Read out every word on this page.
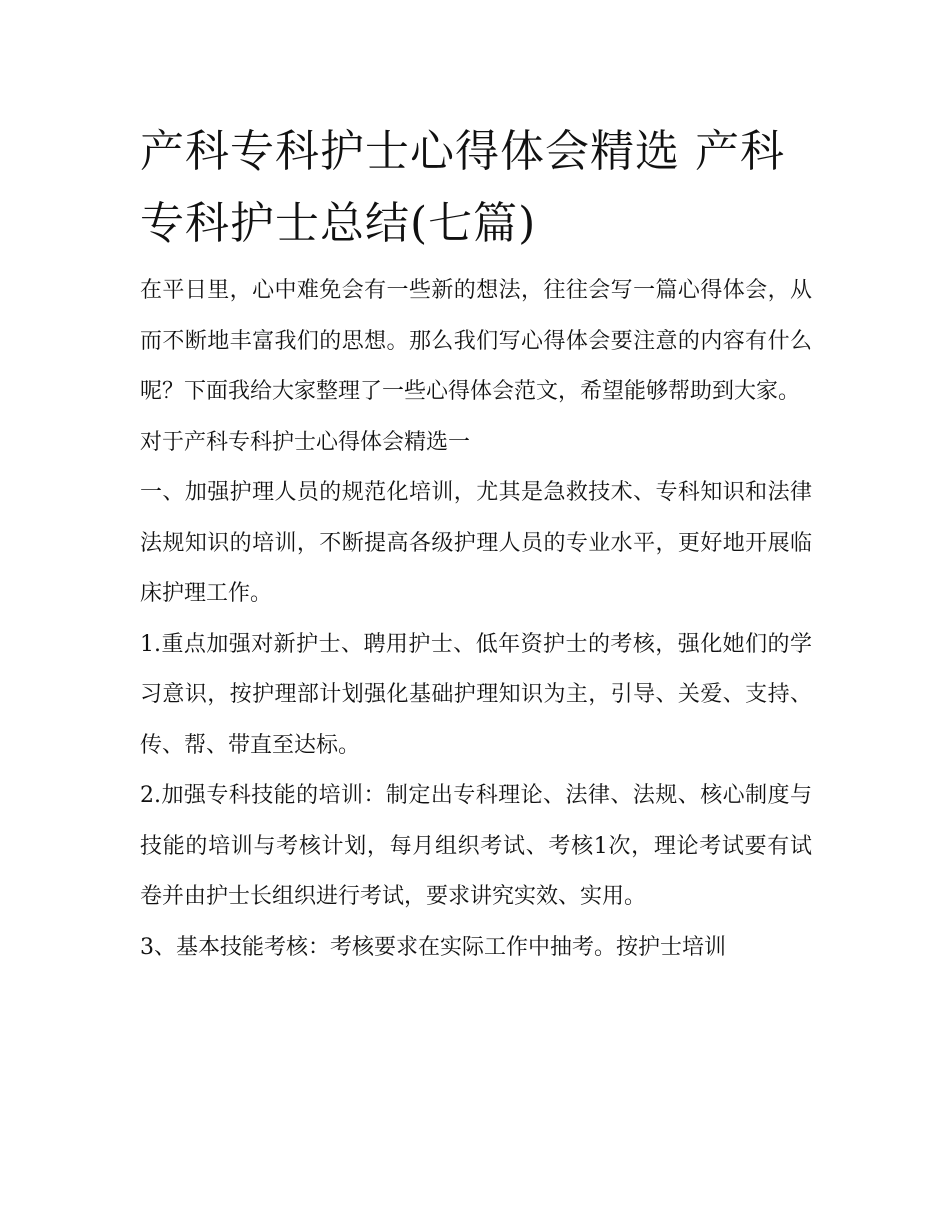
产科专科护士心得体会精选 产科专科护士总结(七篇)

在平日里，心中难免会有一些新的想法，往往会写一篇心得体会，从而不断地丰富我们的思想。那么我们写心得体会要注意的内容有什么呢？下面我给大家整理了一些心得体会范文，希望能够帮助到大家。

对于产科专科护士心得体会精选一

一、加强护理人员的规范化培训，尤其是急救技术、专科知识和法律法规知识的培训，不断提高各级护理人员的专业水平，更好地开展临床护理工作。

1.重点加强对新护士、聘用护士、低年资护士的考核，强化她们的学习意识，按护理部计划强化基础护理知识为主，引导、关爱、支持、传、帮、带直至达标。

2.加强专科技能的培训：制定出专科理论、法律、法规、核心制度与技能的培训与考核计划，每月组织考试、考核1次，理论考试要有试卷并由护士长组织进行考试，要求讲究实效、实用。

3、基本技能考核：考核要求在实际工作中抽考。按护士培训
